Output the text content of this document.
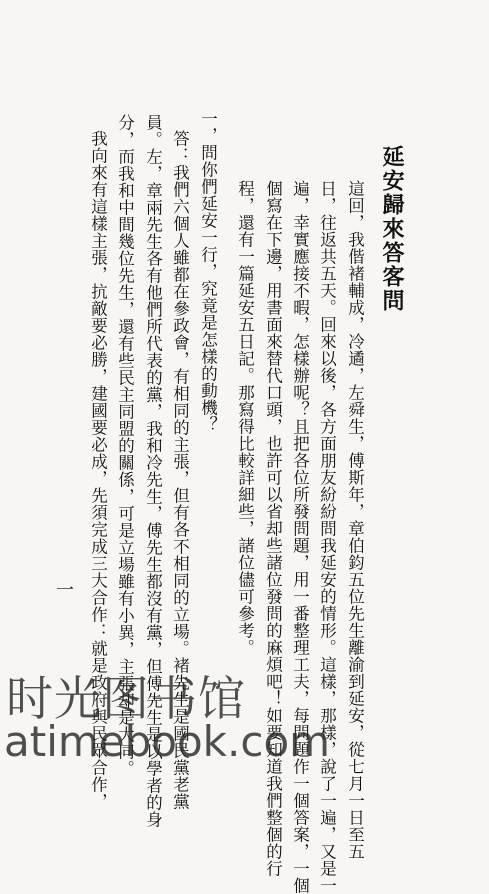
延安歸來答客問
這回，我偕褚輔成，冷遹，左舜生，傅斯年，章伯鈞五位先生離渝到延安，從七月一日至五
日，往返共五天。回來以後，各方面朋友紛紛問我延安的情形。這樣，那樣，說了一遍，又是一
遍，幸實應接不暇，怎樣辦呢？且把各位所發問題，用一番整理工夫，每問題作一個答案，一個
個寫在下邊，用書面來替代口頭，也許可以省却些諸位發問的麻煩吧！如要知道我們整個的行
程，還有一篇延安五日記。那寫得比較詳細些，諸位儘可參考。
一，問你們延安一行，究竟是怎樣的動機？
答：我們六個人雖都在參政會，有相同的主張，但有各不相同的立場。褚先生是國民黨老黨
員。左，章兩先生各有他們所代表的黨，我和冷先生，傅先生都沒有黨，但傅先生是以學者的身
分，而我和中間幾位先生，還有些民主同盟的關係，可是立場雖有小異，主張却是大同。
我向來有這樣主張，抗敵要必勝，建國要必成，先須完成三大合作：就是政府與民眾合作，
一
时光图书馆
atimebook.com
